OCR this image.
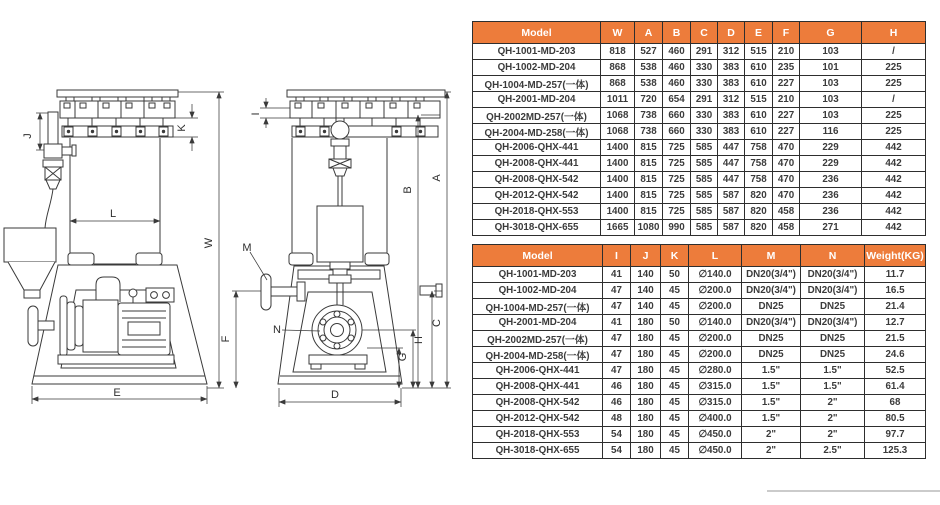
J
K
L
W
E
I
M
N
F
B
A
C
H
G
D
Model	W	A	B	C	D	E	F	G	H
QH-1001-MD-203	818	527	460	291	312	515	210	103	/
QH-1002-MD-204	868	538	460	330	383	610	235	101	225
QH-1004-MD-257(一体)	868	538	460	330	383	610	227	103	225
QH-2001-MD-204	1011	720	654	291	312	515	210	103	/
QH-2002MD-257(一体)	1068	738	660	330	383	610	227	103	225
QH-2004-MD-258(一体)	1068	738	660	330	383	610	227	116	225
QH-2006-QHX-441	1400	815	725	585	447	758	470	229	442
QH-2008-QHX-441	1400	815	725	585	447	758	470	229	442
QH-2008-QHX-542	1400	815	725	585	447	758	470	236	442
QH-2012-QHX-542	1400	815	725	585	587	820	470	236	442
QH-2018-QHX-553	1400	815	725	585	587	820	458	236	442
QH-3018-QHX-655	1665	1080	990	585	587	820	458	271	442
Model	I	J	K	L	M	N	Weight(KG)
QH-1001-MD-203	41	140	50	∅140.0	DN20(3/4")	DN20(3/4")	11.7
QH-1002-MD-204	47	140	45	∅200.0	DN20(3/4")	DN20(3/4")	16.5
QH-1004-MD-257(一体)	47	140	45	∅200.0	DN25	DN25	21.4
QH-2001-MD-204	41	180	50	∅140.0	DN20(3/4")	DN20(3/4")	12.7
QH-2002MD-257(一体)	47	180	45	∅200.0	DN25	DN25	21.5
QH-2004-MD-258(一体)	47	180	45	∅200.0	DN25	DN25	24.6
QH-2006-QHX-441	47	180	45	∅280.0	1.5"	1.5"	52.5
QH-2008-QHX-441	46	180	45	∅315.0	1.5"	1.5"	61.4
QH-2008-QHX-542	46	180	45	∅315.0	1.5"	2"	68
QH-2012-QHX-542	48	180	45	∅400.0	1.5"	2"	80.5
QH-2018-QHX-553	54	180	45	∅450.0	2"	2"	97.7
QH-3018-QHX-655	54	180	45	∅450.0	2"	2.5"	125.3
